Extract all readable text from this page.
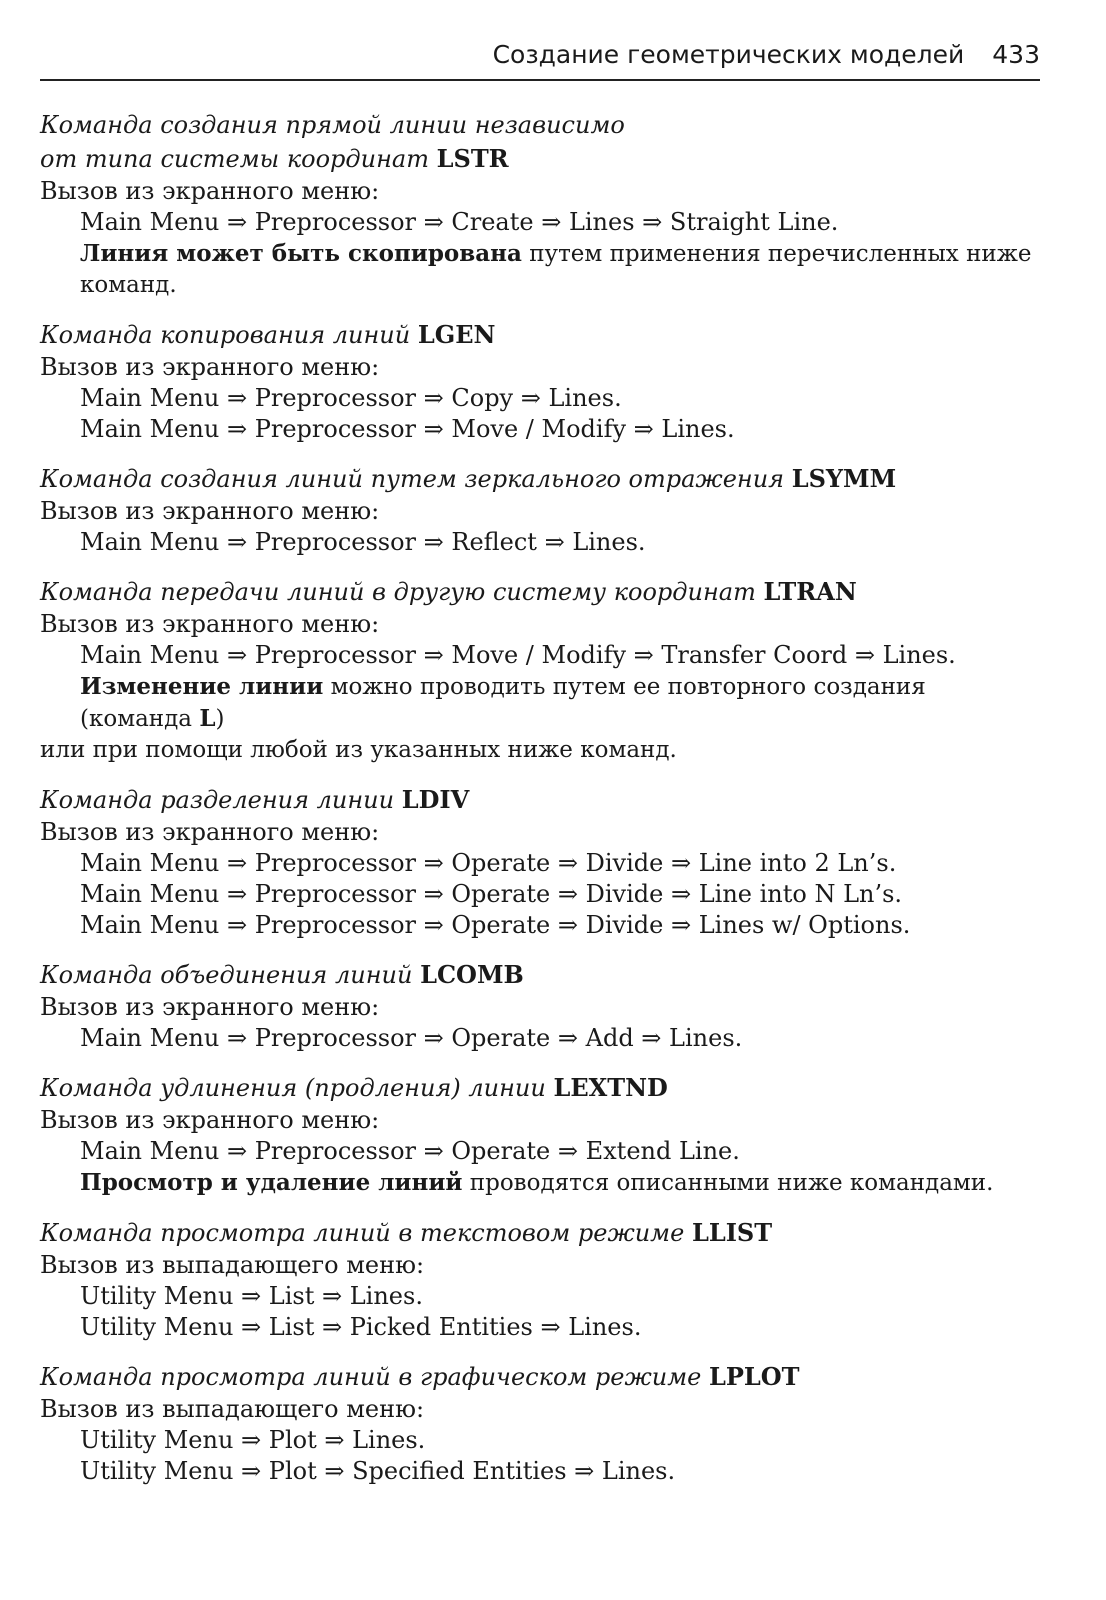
Создание геометрических моделей 433
Команда создания прямой линии независимо
от типа системы координат LSTR
Вызов из экранного меню:
Main Menu ⇒ Preprocessor ⇒ Create ⇒ Lines ⇒ Straight Line.
Линия может быть скопирована путем применения перечисленных ниже команд.
Команда копирования линий LGEN
Вызов из экранного меню:
Main Menu ⇒ Preprocessor ⇒ Copy ⇒ Lines.
Main Menu ⇒ Preprocessor ⇒ Move / Modify ⇒ Lines.
Команда создания линий путем зеркального отражения LSYMM
Вызов из экранного меню:
Main Menu ⇒ Preprocessor ⇒ Reflect ⇒ Lines.
Команда передачи линий в другую систему координат LTRAN
Вызов из экранного меню:
Main Menu ⇒ Preprocessor ⇒ Move / Modify ⇒ Transfer Coord ⇒ Lines.
Изменение линии можно проводить путем ее повторного создания (команда L)
или при помощи любой из указанных ниже команд.
Команда разделения линии LDIV
Вызов из экранного меню:
Main Menu ⇒ Preprocessor ⇒ Operate ⇒ Divide ⇒ Line into 2 Ln’s.
Main Menu ⇒ Preprocessor ⇒ Operate ⇒ Divide ⇒ Line into N Ln’s.
Main Menu ⇒ Preprocessor ⇒ Operate ⇒ Divide ⇒ Lines w/ Options.
Команда объединения линий LCOMB
Вызов из экранного меню:
Main Menu ⇒ Preprocessor ⇒ Operate ⇒ Add ⇒ Lines.
Команда удлинения (продления) линии LEXTND
Вызов из экранного меню:
Main Menu ⇒ Preprocessor ⇒ Operate ⇒ Extend Line.
Просмотр и удаление линий проводятся описанными ниже командами.
Команда просмотра линий в текстовом режиме LLIST
Вызов из выпадающего меню:
Utility Menu ⇒ List ⇒ Lines.
Utility Menu ⇒ List ⇒ Picked Entities ⇒ Lines.
Команда просмотра линий в графическом режиме LPLOT
Вызов из выпадающего меню:
Utility Menu ⇒ Plot ⇒ Lines.
Utility Menu ⇒ Plot ⇒ Specified Entities ⇒ Lines.
